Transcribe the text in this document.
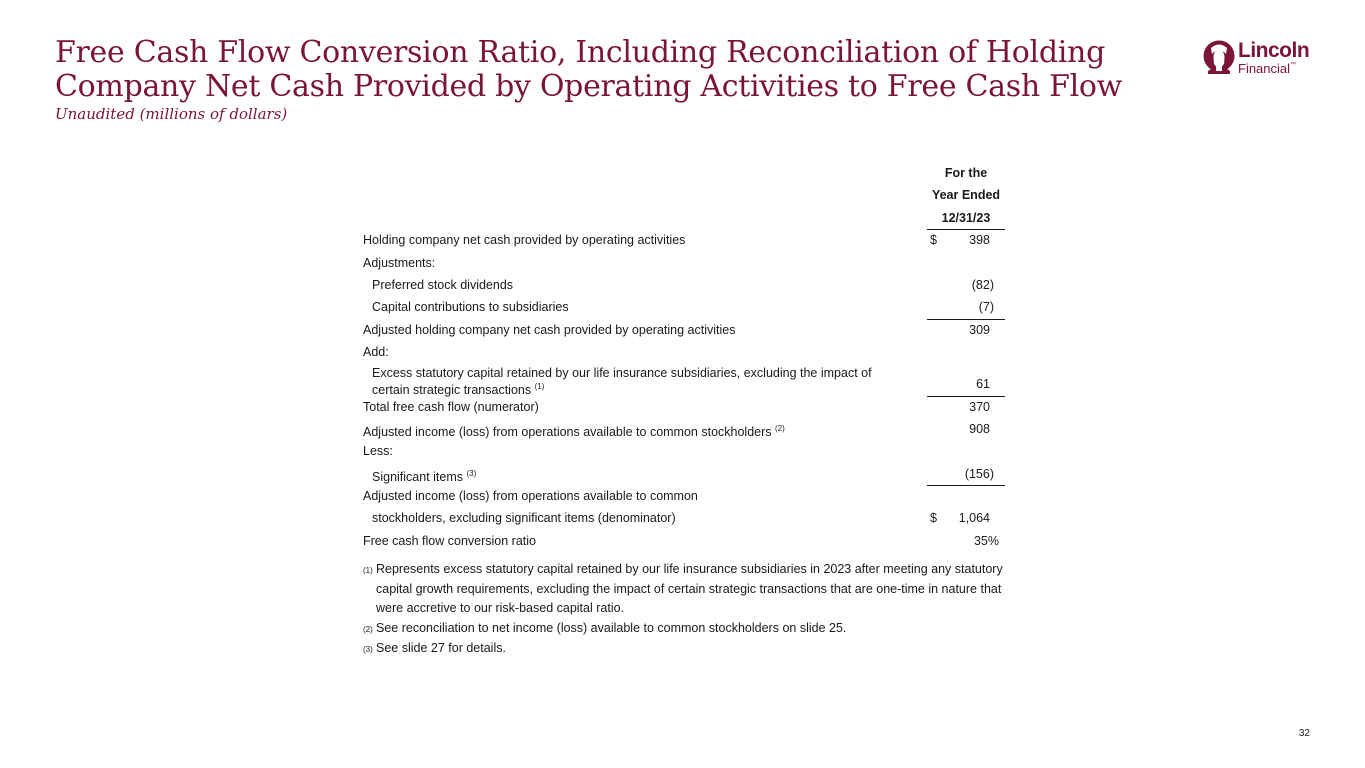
Free Cash Flow Conversion Ratio, Including Reconciliation of Holding
Company Net Cash Provided by Operating Activities to Free Cash Flow
Unaudited (millions of dollars)
Lincoln
Financial™
For the
Year Ended
12/31/23
Holding company net cash provided by operating activities	$	398
Adjustments:
Preferred stock dividends	(82)
Capital contributions to subsidiaries	(7)
Adjusted holding company net cash provided by operating activities	309
Add:
Excess statutory capital retained by our life insurance subsidiaries, excluding the impact of certain strategic transactions $^{(1)}$	61
Total free cash flow (numerator)	370
Adjusted income (loss) from operations available to common stockholders $^{(2)}$	908
Less:
Significant items $^{(3)}$	(156)
Adjusted income (loss) from operations available to common
stockholders, excluding significant items (denominator)	$ 1,064
Free cash flow conversion ratio	35%
(1) Represents excess statutory capital retained by our life insurance subsidiaries in 2023 after meeting any statutory capital growth requirements, excluding the impact of certain strategic transactions that are one-time in nature that were accretive to our risk-based capital ratio.
(2) See reconciliation to net income (loss) available to common stockholders on slide 25.
(3) See slide 27 for details.
32
